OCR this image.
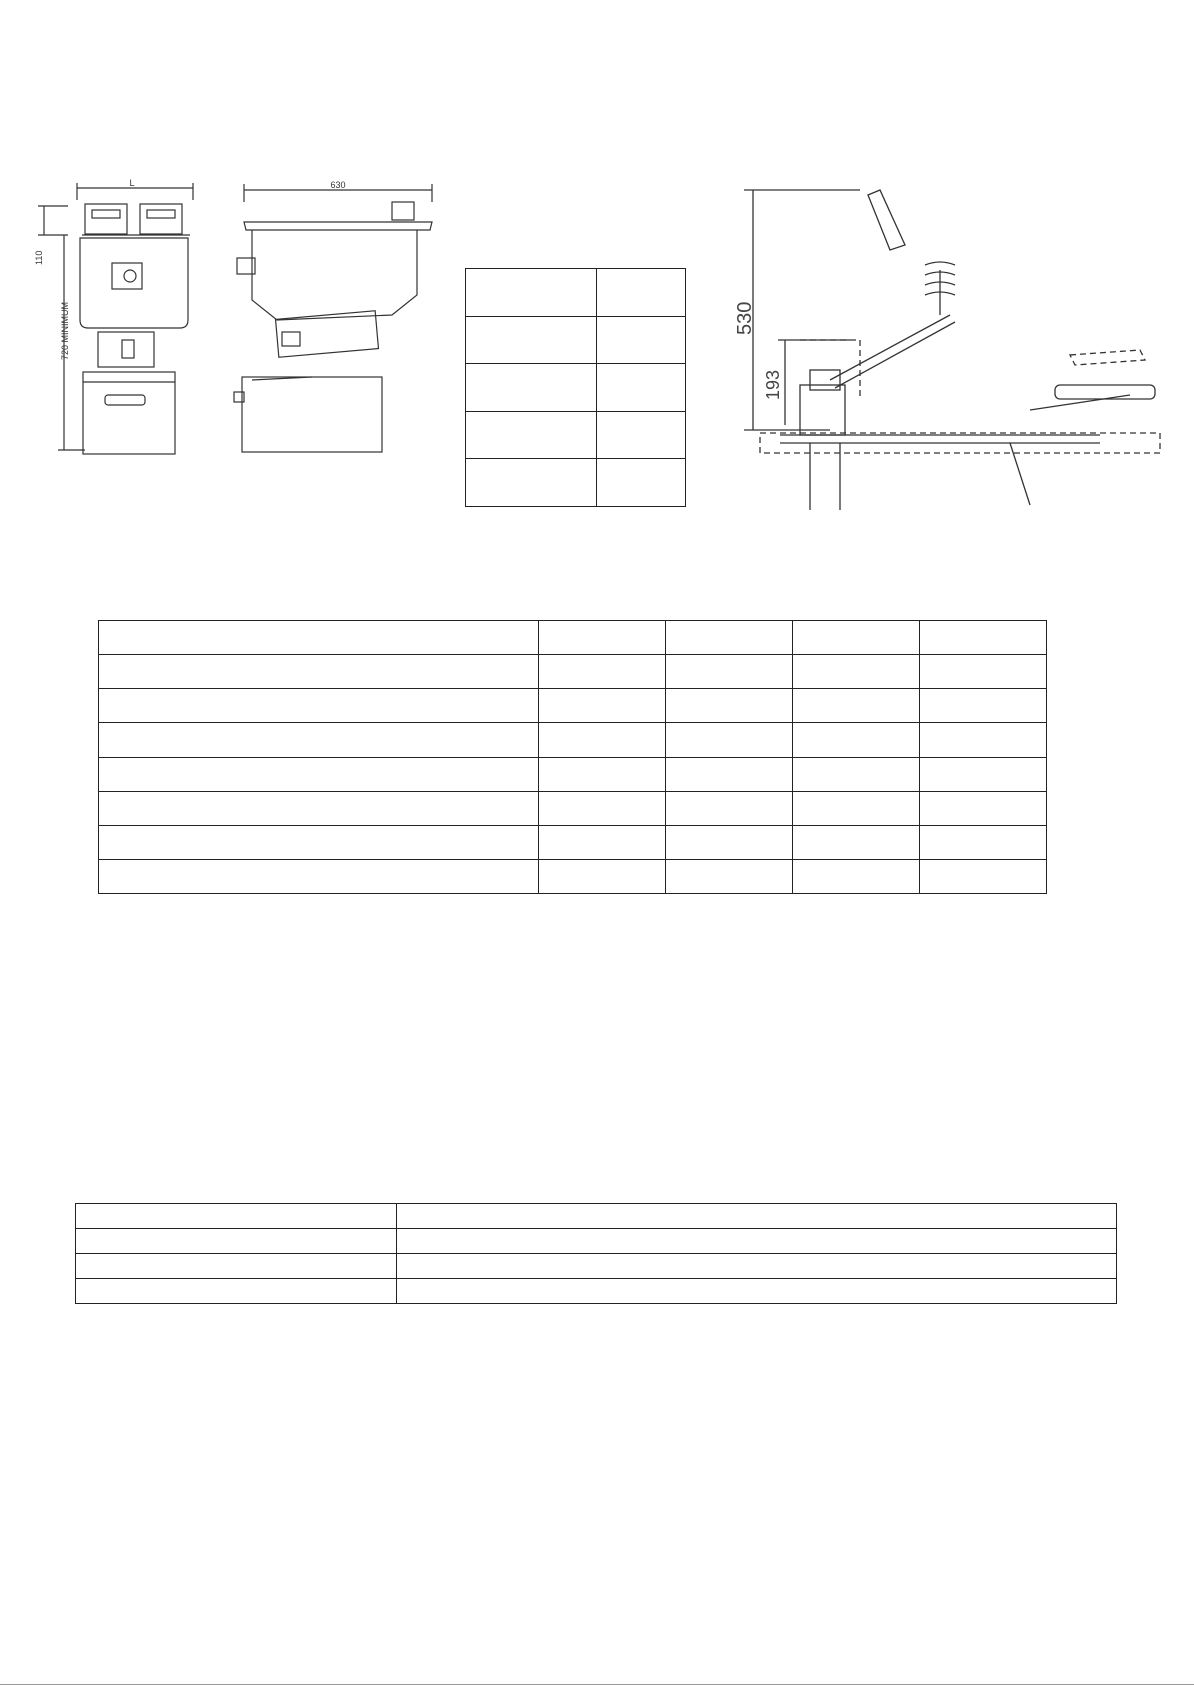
L
110
720 MINIMUM
630

530
193
